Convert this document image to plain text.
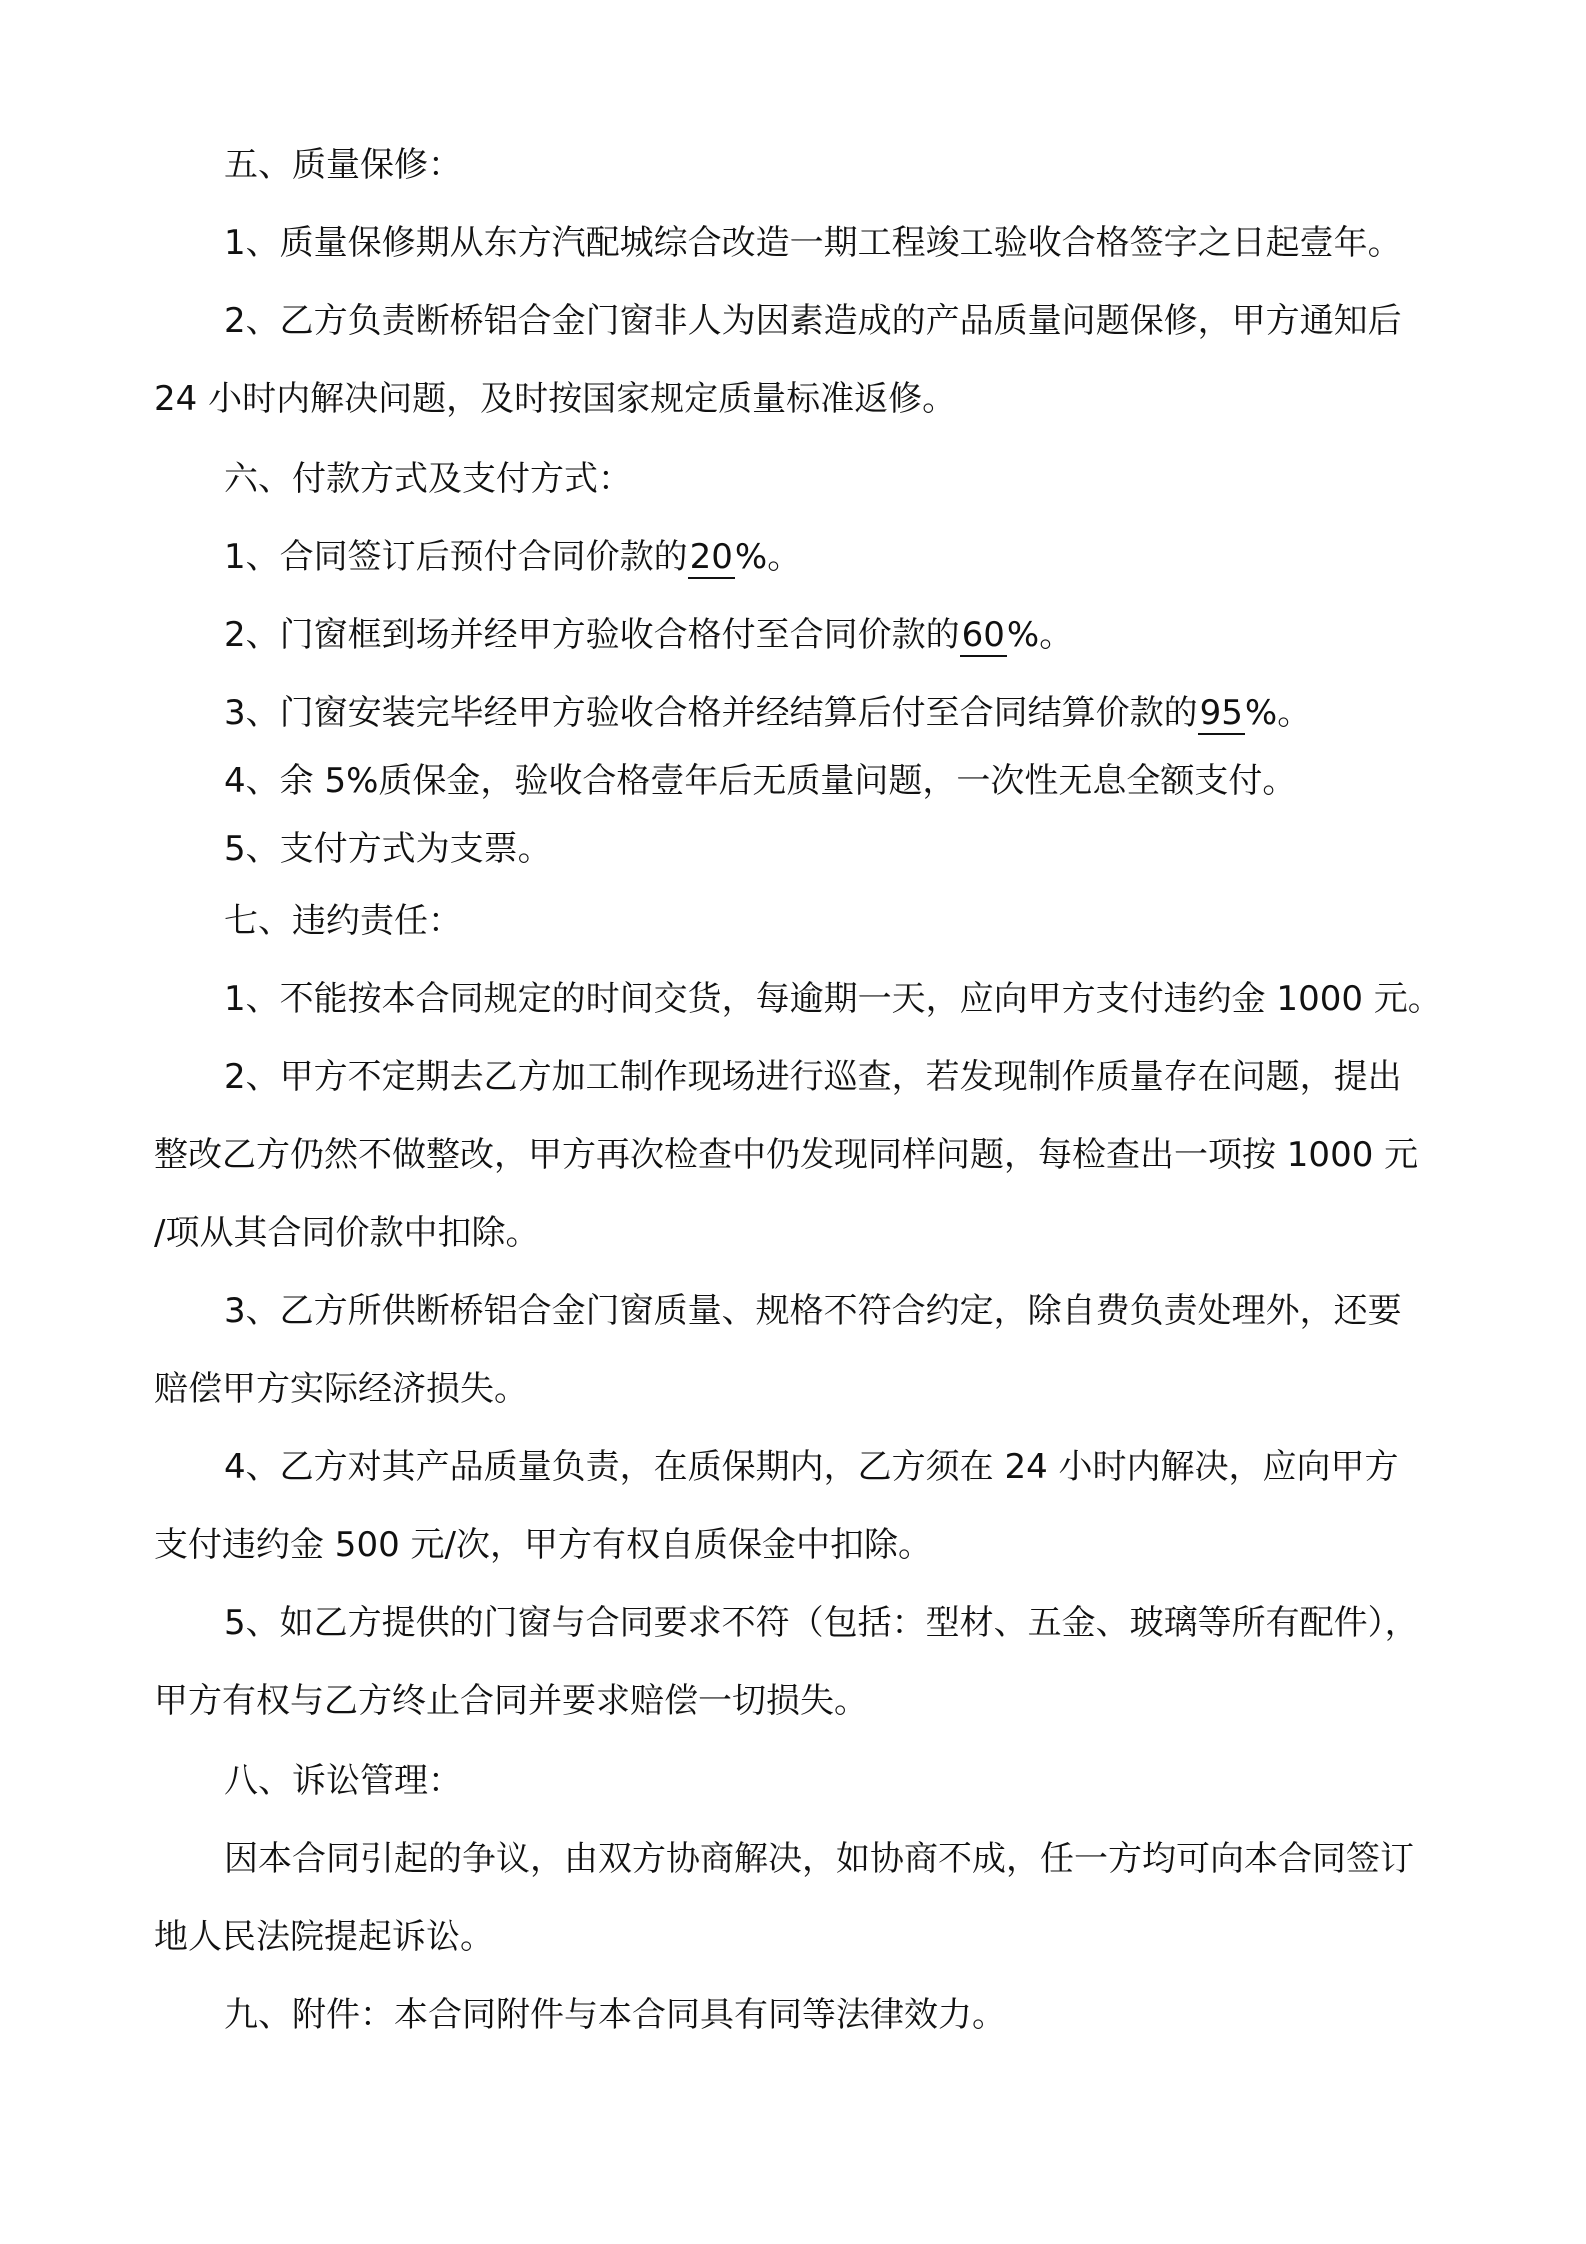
五、质量保修：
1、质量保修期从东方汽配城综合改造一期工程竣工验收合格签字之日起壹年。
2、乙方负责断桥铝合金门窗非人为因素造成的产品质量问题保修，甲方通知后
24 小时内解决问题，及时按国家规定质量标准返修。
六、付款方式及支付方式：
1、合同签订后预付合同价款的20%。
2、门窗框到场并经甲方验收合格付至合同价款的60%。
3、门窗安装完毕经甲方验收合格并经结算后付至合同结算价款的95%。
4、余 5%质保金，验收合格壹年后无质量问题，一次性无息全额支付。
5、支付方式为支票。
七、违约责任：
1、不能按本合同规定的时间交货，每逾期一天，应向甲方支付违约金 1000 元。
2、甲方不定期去乙方加工制作现场进行巡查，若发现制作质量存在问题，提出
整改乙方仍然不做整改，甲方再次检查中仍发现同样问题，每检查出一项按 1000 元
/项从其合同价款中扣除。
3、乙方所供断桥铝合金门窗质量、规格不符合约定，除自费负责处理外，还要
赔偿甲方实际经济损失。
4、乙方对其产品质量负责，在质保期内，乙方须在 24 小时内解决，应向甲方
支付违约金 500 元/次，甲方有权自质保金中扣除。
5、如乙方提供的门窗与合同要求不符（包括：型材、五金、玻璃等所有配件），
甲方有权与乙方终止合同并要求赔偿一切损失。
八、诉讼管理：
因本合同引起的争议，由双方协商解决，如协商不成，任一方均可向本合同签订
地人民法院提起诉讼。
九、附件：本合同附件与本合同具有同等法律效力。
